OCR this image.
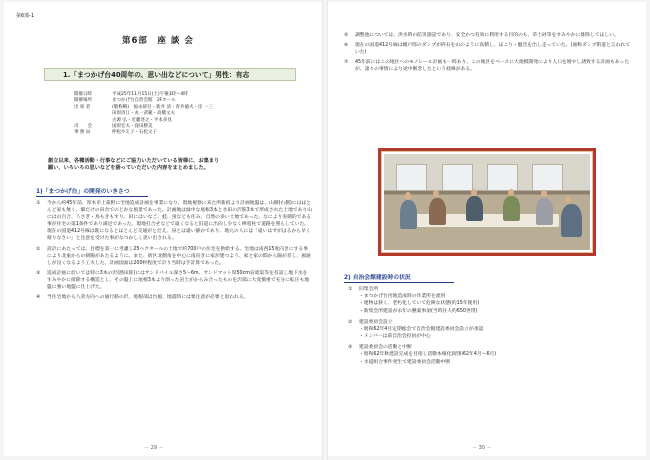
第6部-1
第6部　座 談 会
1.「まつかげ台40周年の、思い出などについて」男性：有志
開催日時	平成25年11月15日(土)午後1時～4時
開催場所	まつかげ台自治会館　2Fホール
出 席 者	(敬称略)　福永研吾・新井 清・青井徳夫・岸 一三
田原清江・丸一武範・高橋文夫
古源 弘・近藤述之・平本多見
司　　会	国原宏夫・窪田勝美
事 務 局	仲松やえ子・石松文子
創立以来、各種活動・行事などにご協力いただいている皆様に、お集まり
願い、いろいろの思いなどを語っていただいた内容をまとめました。
1)「まつかげ台」の開発のいきさつ
①	今から約45年前、厚木市上荻野に宅地造成計画を事業になり、現地視察に来た所新宿より計画地盤は、山側(右側)にはほとんど家も無く、畑だけの田舎でのどかな風景であった。計画地は緑中な尾根3本と水田の沢筋3本で形成された土地であり山には山百合、うさぎ・鳥もきもすり、田にはいなご、蛙、蛍なども住み、自然の多い土地であった。なにより実績的である事が住宅の第1条件であり満足であった。現地打合せなどで遠くなると旧道に出向し少なく棒電柱で道路を照らしていた。現在の国道412号線は既になるとほとんど交通がとだえ、昼とは違い静かであり、地元の人には「遠いはずがはるから早く帰りなさい」と注意を受けた事がなつかしく思い出される。
②	設計にあたっては、目標を第一に考慮し25ヘクタールの土地で約700戸の住宅を供給する。宅地は南西15度向きにする事により北東からの朝陽があたるように。また、街区北側角を中心に南向きに家が建つよう、家と家の間から陽が差し、風通しが良くなるよう工夫した。計画図面は200枚程度で計り当時は手計算であった。
③	造成計画に於いては特に3本の沢(勘田陸)にはサンドバイル深さ5～6m、サンドマット厚50cm盲暗渠等を有設し地下水をすみやかに排除する構造とし、その盤上に尾根3本より削った岩土がからみ合ったものを沢部に大変慎重で充分に転圧も地盤に強い地盤に仕上げた。
④	当住宅地から八菅方向への通行路の沢、尾根部は台風、地震時には要注意が必要と思われる。
－ 29 －
⑤	調整池については、洪水時の防災施設であり、安全かつ有効に利用する目的のも、草土砂等をすみやかに排除してほしい。
⑥	現在の国道412号線は織戸郎のダンプが砕石を山のように高積し、ほこり・騒音を出し走っていた。(通称ダンプ街道と言われていた)
⑦	45年前にはこの地区へのモノレール計画も一時あり、この地区をベースに大規模開発により人口を増やし誘致する計画もあったが、諸々の事情により途中断念したという経緯がある。
2) 自治会館建設時の状況
①	旧集会所
・まつかげ台団地造成時の作業所を流用
・建物は狭く、老朽化していて危険な状態(約15年使用)
・新集会所建設が永年の懸案事項(当時住人約650世帯)
②	建設委員会設立
・昭和62年4月定期総会で自治会館建設委員会設立が承認
・メンバーは前自治会役員が中心
③	建設委員会の活動と中断
・昭和62年秋建設完成を目指し活動本格化(昭和62年4月～6月)
・水道組合事件発生で建設委員会活動中断
－ 30 －
